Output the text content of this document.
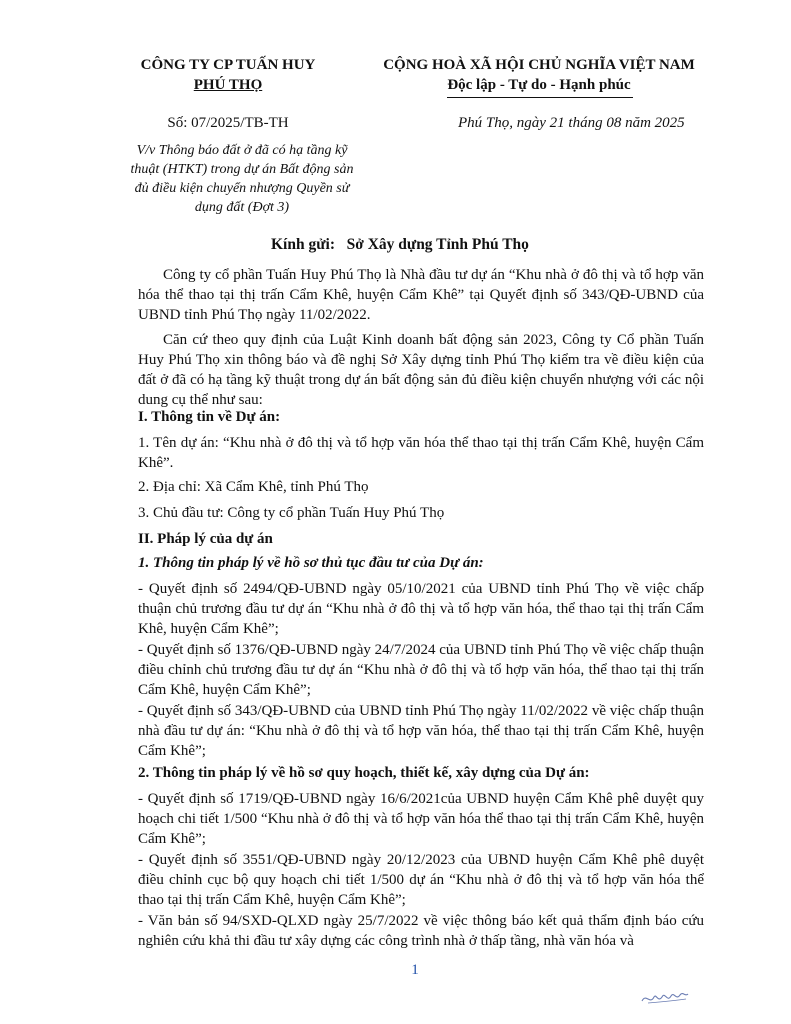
CÔNG TY CP TUẤN HUY
PHÚ THỌ
CỘNG HOÀ XÃ HỘI CHỦ NGHĨA VIỆT NAM
Độc lập - Tự do - Hạnh phúc
Số: 07/2025/TB-TH	Phú Thọ, ngày 21 tháng 08 năm 2025
V/v Thông báo đất ở đã có hạ tầng kỹ
thuật (HTKT) trong dự án Bất động sản
đủ điều kiện chuyển nhượng Quyền sử
dụng đất (Đợt 3)
Kính gửi:   Sở Xây dựng Tỉnh Phú Thọ
Công ty cổ phần Tuấn Huy Phú Thọ là Nhà đầu tư dự án “Khu nhà ở đô thị và tổ hợp văn hóa thể thao tại thị trấn Cẩm Khê, huyện Cẩm Khê” tại Quyết định số 343/QĐ-UBND của UBND tỉnh Phú Thọ ngày 11/02/2022.
Căn cứ theo quy định của Luật Kinh doanh bất động sản 2023, Công ty Cổ phần Tuấn Huy Phú Thọ xin thông báo và đề nghị Sở Xây dựng tỉnh Phú Thọ kiểm tra về điều kiện của đất ở đã có hạ tầng kỹ thuật trong dự án bất động sản đủ điều kiện chuyển nhượng với các nội dung cụ thể như sau:
I. Thông tin về Dự án:
1. Tên dự án: “Khu nhà ở đô thị và tổ hợp văn hóa thể thao tại thị trấn Cẩm Khê, huyện Cẩm Khê”.
2. Địa chỉ: Xã Cẩm Khê, tỉnh Phú Thọ
3. Chủ đầu tư: Công ty cổ phần Tuấn Huy Phú Thọ
II. Pháp lý của dự án
1. Thông tin pháp lý về hồ sơ thủ tục đầu tư của Dự án:
- Quyết định số 2494/QĐ-UBND ngày 05/10/2021 của UBND tỉnh Phú Thọ về việc chấp thuận chủ trương đầu tư dự án “Khu nhà ở đô thị và tổ hợp văn hóa, thể thao tại thị trấn Cẩm Khê, huyện Cẩm Khê”;
- Quyết định số 1376/QĐ-UBND ngày 24/7/2024 của UBND tỉnh Phú Thọ về việc chấp thuận điều chỉnh chủ trương đầu tư dự án “Khu nhà ở đô thị và tổ hợp văn hóa, thể thao tại thị trấn Cẩm Khê, huyện Cẩm Khê”;
- Quyết định số 343/QĐ-UBND của UBND tỉnh Phú Thọ ngày 11/02/2022 về việc chấp thuận nhà đầu tư dự án: “Khu nhà ở đô thị và tổ hợp văn hóa, thể thao tại thị trấn Cẩm Khê, huyện Cẩm Khê”;
2. Thông tin pháp lý về hồ sơ quy hoạch, thiết kế, xây dựng của Dự án:
- Quyết định số 1719/QĐ-UBND ngày 16/6/2021của UBND huyện Cẩm Khê phê duyệt quy hoạch chi tiết 1/500 “Khu nhà ở đô thị và tổ hợp văn hóa thể thao tại thị trấn Cẩm Khê, huyện Cẩm Khê”;
- Quyết định số 3551/QĐ-UBND ngày 20/12/2023 của UBND huyện Cẩm Khê phê duyệt điều chỉnh cục bộ quy hoạch chi tiết 1/500 dự án “Khu nhà ở đô thị và tổ hợp văn hóa thể thao tại thị trấn Cẩm Khê, huyện Cẩm Khê”;
- Văn bản số 94/SXD-QLXD ngày 25/7/2022 về việc thông báo kết quả thẩm định báo cứu nghiên cứu khả thi đầu tư xây dựng các công trình nhà ở thấp tầng, nhà văn hóa và
1
